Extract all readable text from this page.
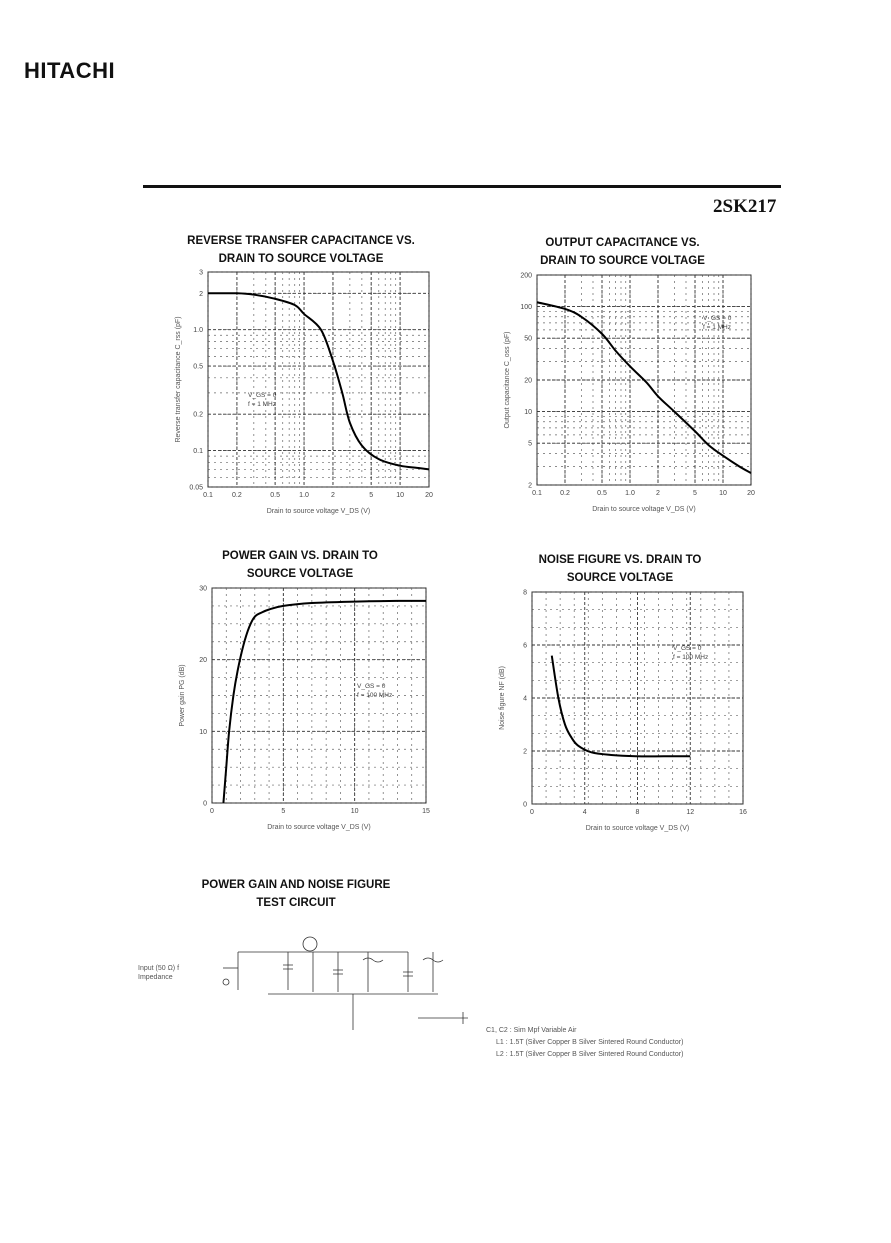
HITACHI
2SK217
REVERSE TRANSFER CAPACITANCE VS.
DRAIN TO SOURCE VOLTAGE
OUTPUT CAPACITANCE VS.
DRAIN TO SOURCE VOLTAGE
POWER GAIN VS. DRAIN TO
SOURCE VOLTAGE
NOISE FIGURE VS. DRAIN TO
SOURCE VOLTAGE
0.1	0.2	0.5	1.0	2	5	10	20
0.05
0.1
0.2
0.5
1.0
2
3
Drain to source voltage V_DS (V)
Reverse transfer capacitance C_rss (pF)	V_GS = 0
f = 1 MHz
0.1	0.2	0.5	1.0	2	5	10	20
2
5
10
20
50
100
200
Drain to source voltage V_DS (V)
Output capacitance C_oss (pF)
V_GS = 0
f = 1 MHz
0	5	10	15
0
10
20
30
Drain to source voltage V_DS (V)
Power gain PG (dB)	V_GS = 0
f = 100 MHz
0	4	8	12	16
0
2
4
6
8
Drain to source voltage V_DS (V)
Noise figure NF (dB)
V_GS = 0
f = 100 MHz
POWER GAIN AND NOISE FIGURE
TEST CIRCUIT
Input (50 Ω) f
Impedance
C1, C2 : Sim Mpf Variable Air
L1 : 1.5T (Silver Copper B Silver Sintered Round Conductor)
L2 : 1.5T (Silver Copper B Silver Sintered Round Conductor)
